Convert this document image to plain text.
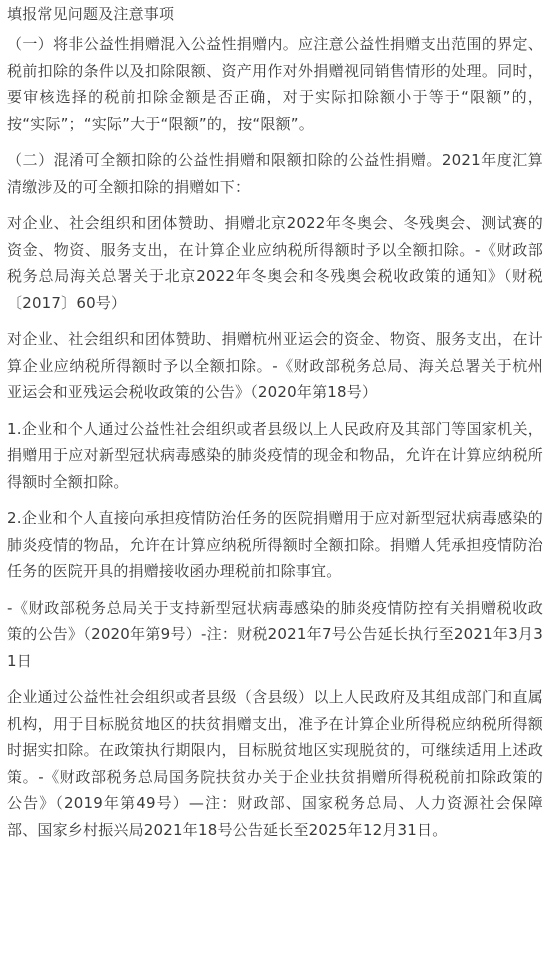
填报常见问题及注意事项

（一）将非公益性捐赠混入公益性捐赠内。应注意公益性捐赠支出范围的界定、税前扣除的条件以及扣除限额、资产用作对外捐赠视同销售情形的处理。同时，要审核选择的税前扣除金额是否正确，对于实际扣除额小于等于“限额”的，按“实际”；“实际”大于“限额”的，按“限额”。

（二）混淆可全额扣除的公益性捐赠和限额扣除的公益性捐赠。2021年度汇算清缴涉及的可全额扣除的捐赠如下：

对企业、社会组织和团体赞助、捐赠北京2022年冬奥会、冬残奥会、测试赛的资金、物资、服务支出，在计算企业应纳税所得额时予以全额扣除。-《财政部税务总局海关总署关于北京2022年冬奥会和冬残奥会税收政策的通知》（财税〔2017〕60号）

对企业、社会组织和团体赞助、捐赠杭州亚运会的资金、物资、服务支出，在计算企业应纳税所得额时予以全额扣除。-《财政部税务总局、海关总署关于杭州亚运会和亚残运会税收政策的公告》（2020年第18号）

1.企业和个人通过公益性社会组织或者县级以上人民政府及其部门等国家机关，捐赠用于应对新型冠状病毒感染的肺炎疫情的现金和物品，允许在计算应纳税所得额时全额扣除。

2.企业和个人直接向承担疫情防治任务的医院捐赠用于应对新型冠状病毒感染的肺炎疫情的物品，允许在计算应纳税所得额时全额扣除。捐赠人凭承担疫情防治任务的医院开具的捐赠接收函办理税前扣除事宜。

-《财政部税务总局关于支持新型冠状病毒感染的肺炎疫情防控有关捐赠税收政策的公告》（2020年第9号）-注：财税2021年7号公告延长执行至2021年3月31日

企业通过公益性社会组织或者县级（含县级）以上人民政府及其组成部门和直属机构，用于目标脱贫地区的扶贫捐赠支出，准予在计算企业所得税应纳税所得额时据实扣除。在政策执行期限内，目标脱贫地区实现脱贫的，可继续适用上述政策。-《财政部税务总局国务院扶贫办关于企业扶贫捐赠所得税税前扣除政策的公告》（2019年第49号）—注：财政部、国家税务总局、人力资源社会保障部、国家乡村振兴局2021年18号公告延长至2025年12月31日。
